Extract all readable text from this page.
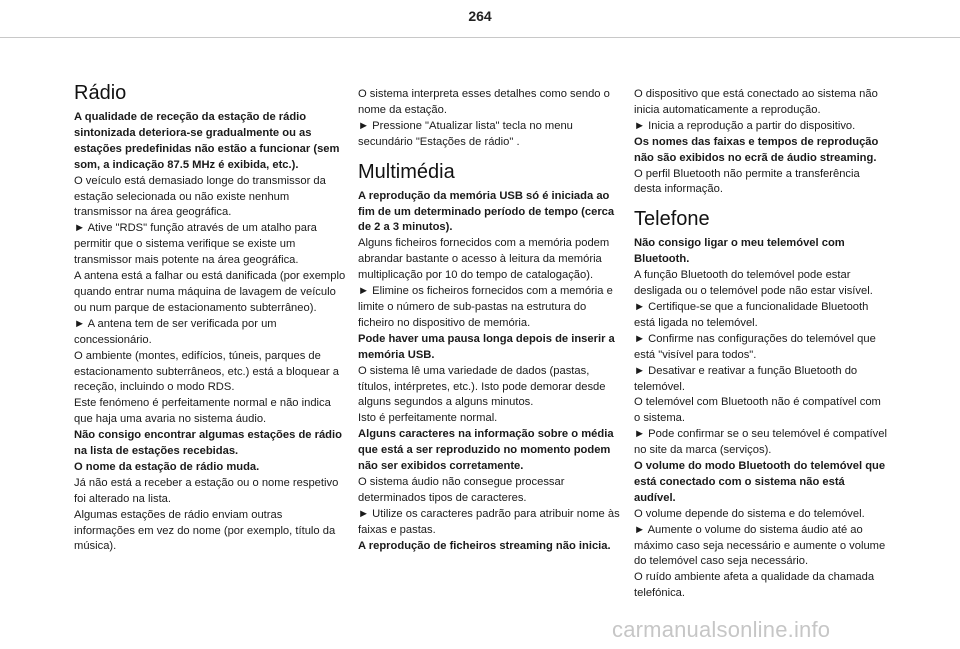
264
Rádio

A qualidade de receção da estação de rádio sintonizada deteriora-se gradualmente ou as estações predefinidas não estão a funcionar (sem som, a indicação 87.5 MHz é exibida, etc.).

O veículo está demasiado longe do transmissor da estação selecionada ou não existe nenhum transmissor na área geográfica.

► Ative "RDS" função através de um atalho para permitir que o sistema verifique se existe um transmissor mais potente na área geográfica.

A antena está a falhar ou está danificada (por exemplo quando entrar numa máquina de lavagem de veículo ou num parque de estacionamento subterrâneo).

► A antena tem de ser verificada por um concessionário.

O ambiente (montes, edifícios, túneis, parques de estacionamento subterrâneos, etc.) está a bloquear a receção, incluindo o modo RDS.

Este fenómeno é perfeitamente normal e não indica que haja uma avaria no sistema áudio.

Não consigo encontrar algumas estações de rádio na lista de estações recebidas.

O nome da estação de rádio muda.

Já não está a receber a estação ou o nome respetivo foi alterado na lista.

Algumas estações de rádio enviam outras informações em vez do nome (por exemplo, título da música).

O sistema interpreta esses detalhes como sendo o nome da estação.

► Pressione "Atualizar lista" tecla no menu secundário "Estações de rádio" .

Multimédia

A reprodução da memória USB só é iniciada ao fim de um determinado período de tempo (cerca de 2 a 3 minutos).

Alguns ficheiros fornecidos com a memória podem abrandar bastante o acesso à leitura da memória multiplicação por 10 do tempo de catalogação).

► Elimine os ficheiros fornecidos com a memória e limite o número de sub-pastas na estrutura do ficheiro no dispositivo de memória.

Pode haver uma pausa longa depois de inserir a memória USB.

O sistema lê uma variedade de dados (pastas, títulos, intérpretes, etc.). Isto pode demorar desde alguns segundos a alguns minutos.

Isto é perfeitamente normal.

Alguns caracteres na informação sobre o média que está a ser reproduzido no momento podem não ser exibidos corretamente.

O sistema áudio não consegue processar determinados tipos de caracteres.

► Utilize os caracteres padrão para atribuir nome às faixas e pastas.

A reprodução de ficheiros streaming não inicia.

O dispositivo que está conectado ao sistema não inicia automaticamente a reprodução.

► Inicia a reprodução a partir do dispositivo.

Os nomes das faixas e tempos de reprodução não são exibidos no ecrã de áudio streaming.

O perfil Bluetooth não permite a transferência desta informação.

Telefone

Não consigo ligar o meu telemóvel com Bluetooth.

A função Bluetooth do telemóvel pode estar desligada ou o telemóvel pode não estar visível.

► Certifique-se que a funcionalidade Bluetooth está ligada no telemóvel.

► Confirme nas configurações do telemóvel que está "visível para todos".

► Desativar e reativar a função Bluetooth do telemóvel.

O telemóvel com Bluetooth não é compatível com o sistema.

► Pode confirmar se o seu telemóvel é compatível no site da marca (serviços).

O volume do modo Bluetooth do telemóvel que está conectado com o sistema não está audível.

O volume depende do sistema e do telemóvel.

► Aumente o volume do sistema áudio até ao máximo caso seja necessário e aumente o volume do telemóvel caso seja necessário.

O ruído ambiente afeta a qualidade da chamada telefónica.

carmanualsonline.info
